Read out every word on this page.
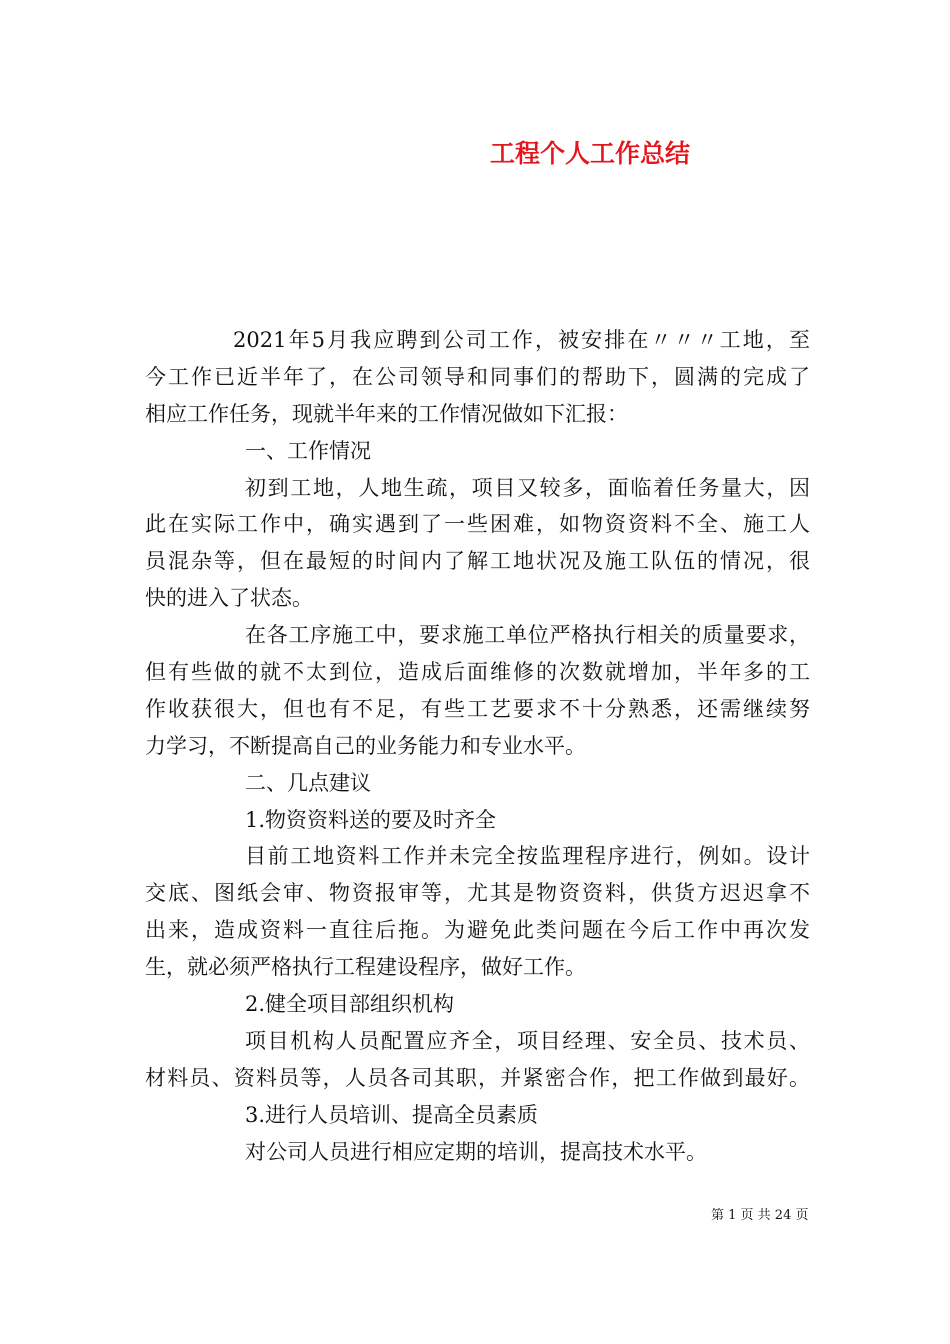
工程个人工作总结
2021年5月我应聘到公司工作，被安排在〃〃〃工地，至
今工作已近半年了，在公司领导和同事们的帮助下，圆满的完成了
相应工作任务，现就半年来的工作情况做如下汇报：
一、工作情况
初到工地，人地生疏，项目又较多，面临着任务量大，因
此在实际工作中，确实遇到了一些困难，如物资资料不全、施工人
员混杂等，但在最短的时间内了解工地状况及施工队伍的情况，很
快的进入了状态。
在各工序施工中，要求施工单位严格执行相关的质量要求，
但有些做的就不太到位，造成后面维修的次数就增加，半年多的工
作收获很大，但也有不足，有些工艺要求不十分熟悉，还需继续努
力学习，不断提高自己的业务能力和专业水平。
二、几点建议
1.物资资料送的要及时齐全
目前工地资料工作并未完全按监理程序进行，例如。设计
交底、图纸会审、物资报审等，尤其是物资资料，供货方迟迟拿不
出来，造成资料一直往后拖。为避免此类问题在今后工作中再次发
生，就必须严格执行工程建设程序，做好工作。
2.健全项目部组织机构
项目机构人员配置应齐全，项目经理、安全员、技术员、
材料员、资料员等，人员各司其职，并紧密合作，把工作做到最好。
3.进行人员培训、提高全员素质
对公司人员进行相应定期的培训，提高技术水平。
第 1 页 共 24 页
